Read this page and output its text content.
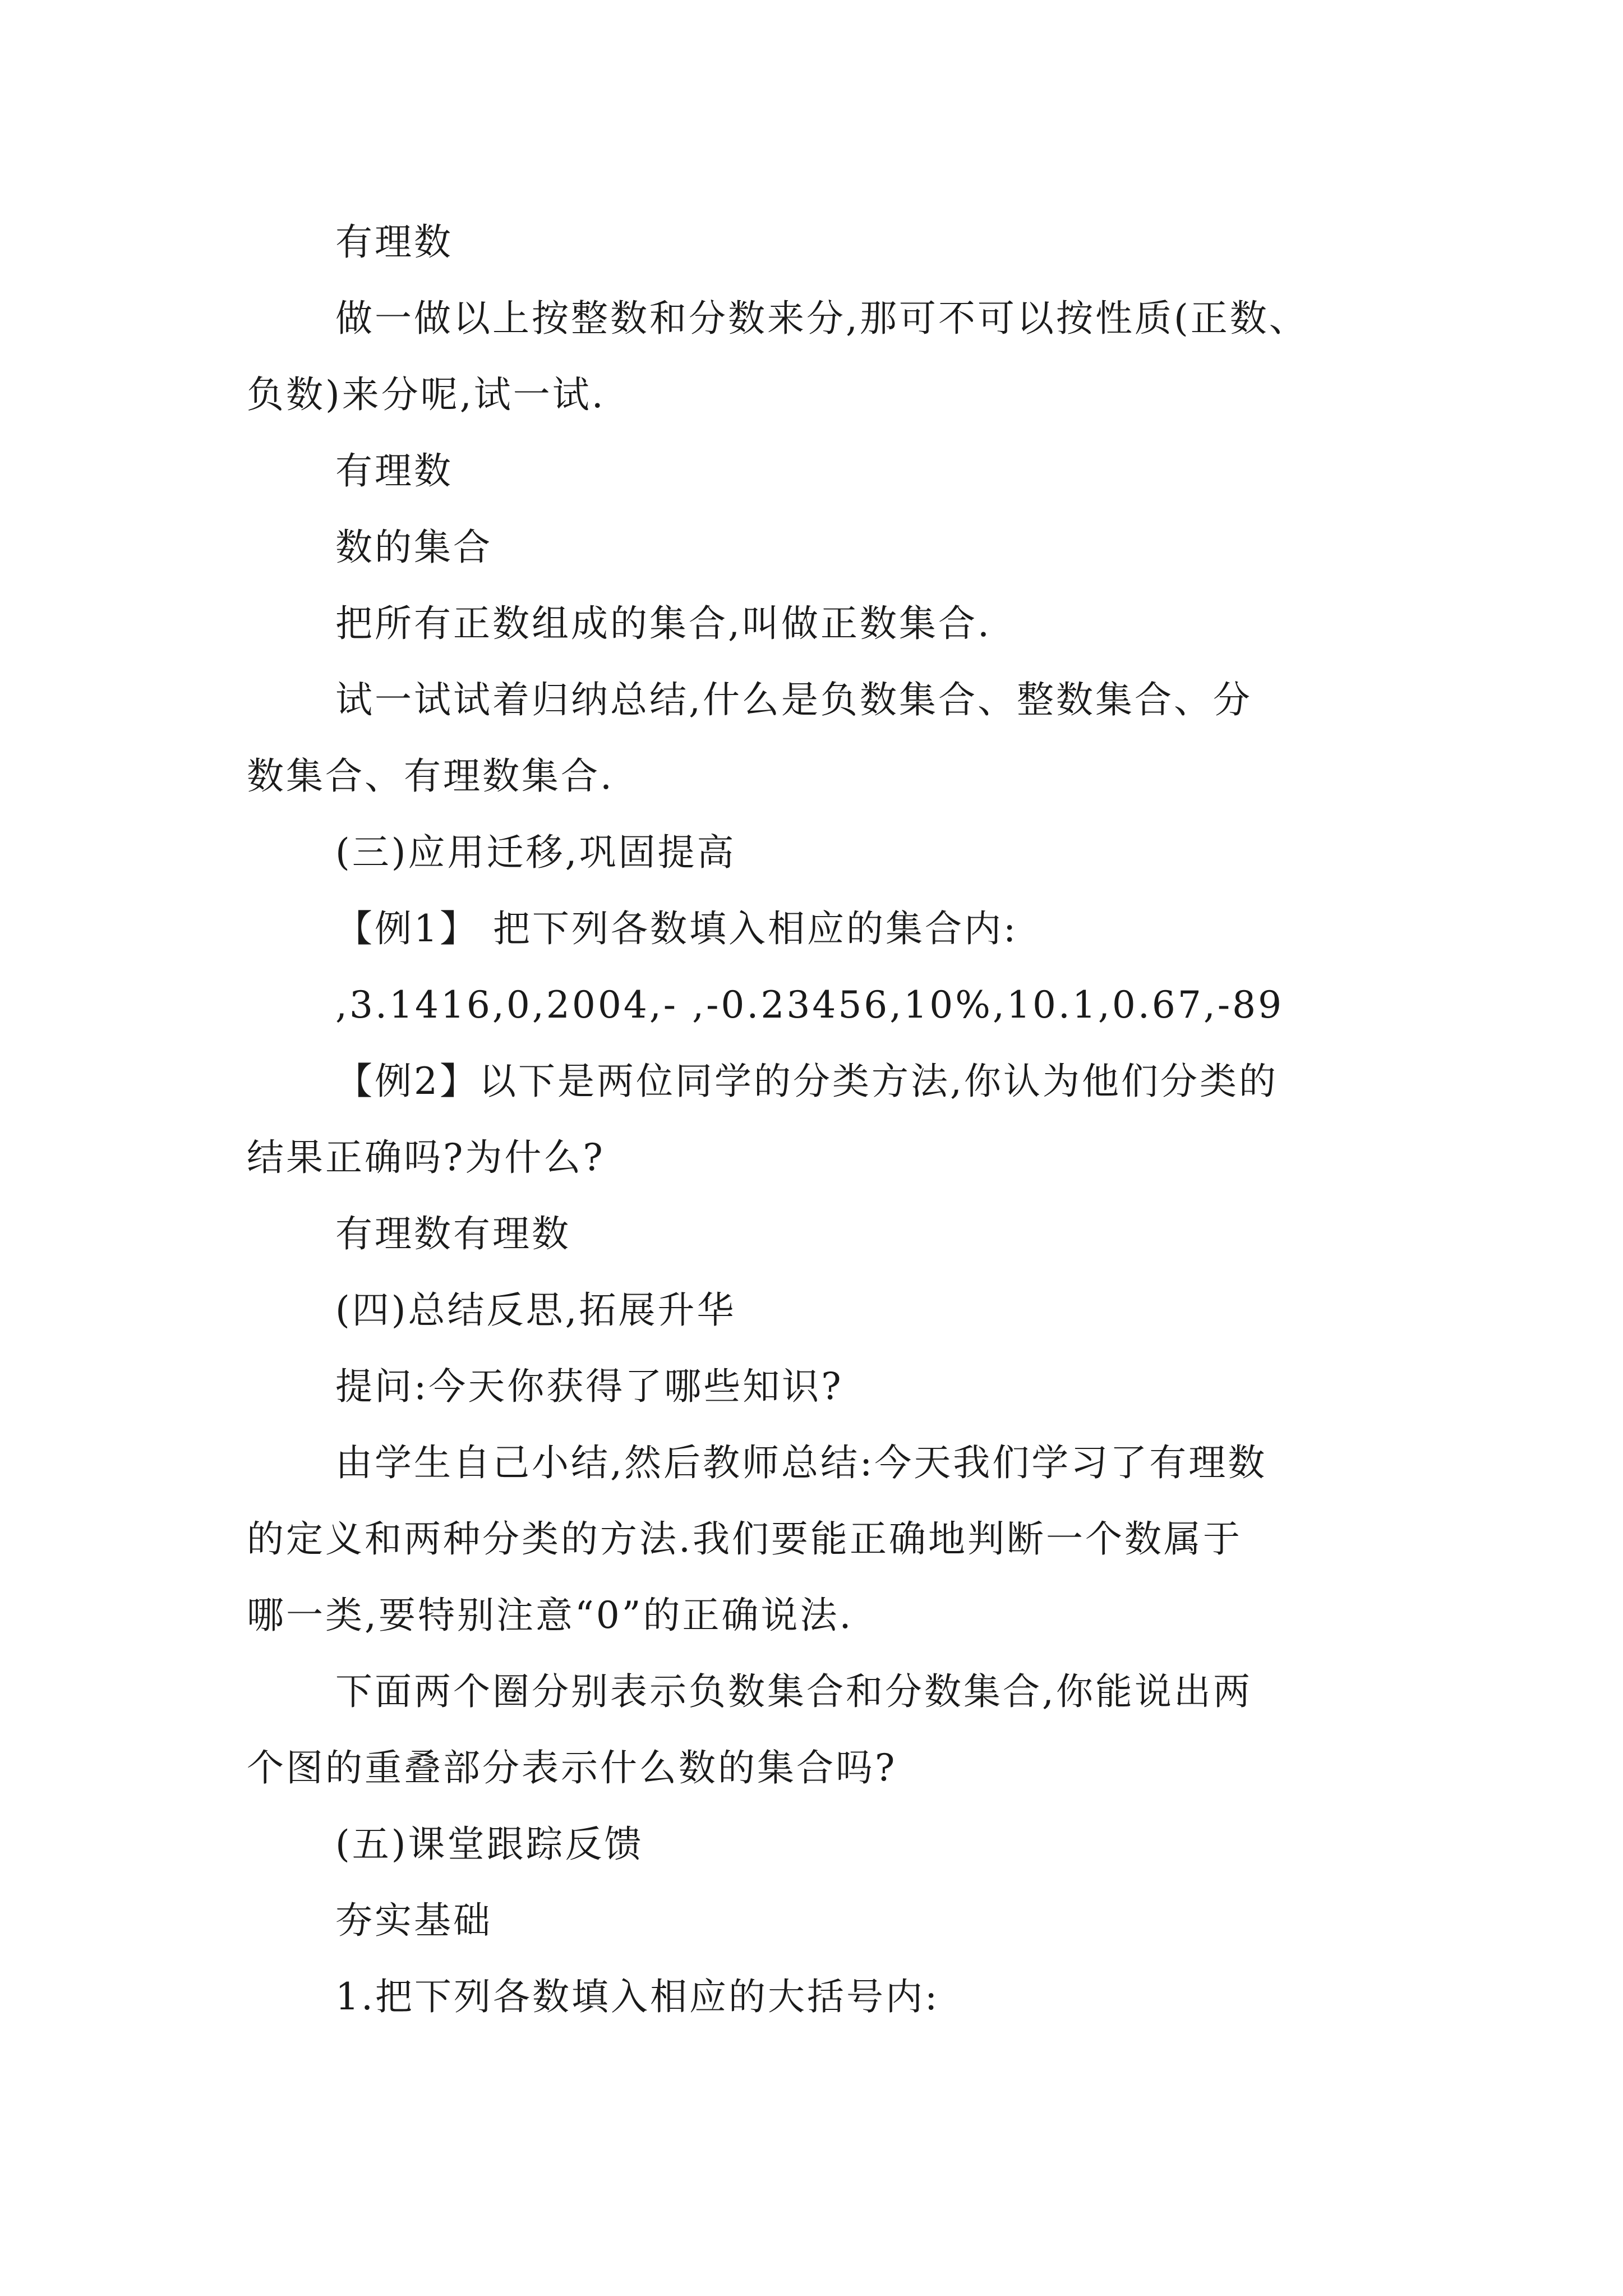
有理数
做一做以上按整数和分数来分,那可不可以按性质(正数、
负数)来分呢,试一试.
有理数
数的集合
把所有正数组成的集合,叫做正数集合.
试一试试着归纳总结,什么是负数集合、整数集合、分
数集合、有理数集合.
(三)应用迁移,巩固提高
【例1】 把下列各数填入相应的集合内:
,3.1416,0,2004,- ,-0.23456,10%,10.1,0.67,-89
【例2】以下是两位同学的分类方法,你认为他们分类的
结果正确吗?为什么?
有理数有理数
(四)总结反思,拓展升华
提问:今天你获得了哪些知识?
由学生自己小结,然后教师总结:今天我们学习了有理数
的定义和两种分类的方法.我们要能正确地判断一个数属于
哪一类,要特别注意“0”的正确说法.
下面两个圈分别表示负数集合和分数集合,你能说出两
个图的重叠部分表示什么数的集合吗?
(五)课堂跟踪反馈
夯实基础
1.把下列各数填入相应的大括号内:
